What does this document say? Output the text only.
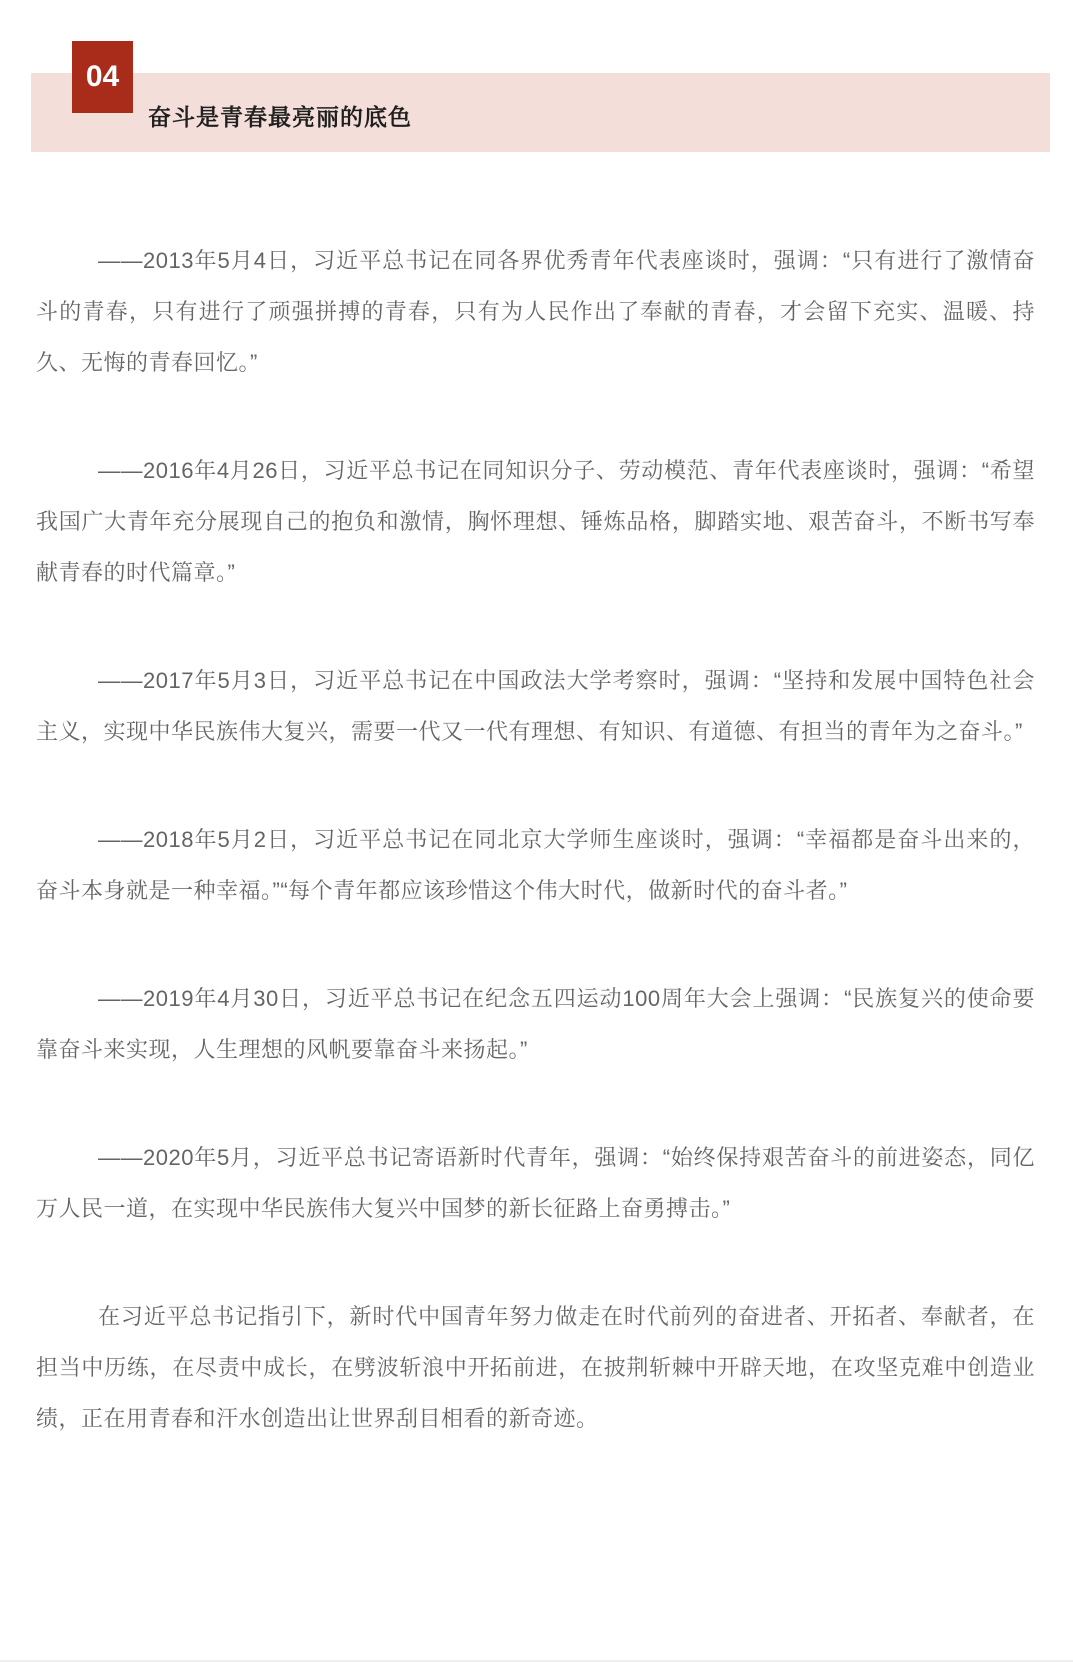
奋斗是青春最亮丽的底色
04

——2013年5月4日，习近平总书记在同各界优秀青年代表座谈时，强调：“只有进行了激情奋斗的青春，只有进行了顽强拼搏的青春，只有为人民作出了奉献的青春，才会留下充实、温暖、持久、无悔的青春回忆。”

——2016年4月26日，习近平总书记在同知识分子、劳动模范、青年代表座谈时，强调：“希望我国广大青年充分展现自己的抱负和激情，胸怀理想、锤炼品格，脚踏实地、艰苦奋斗，不断书写奉献青春的时代篇章。”

——2017年5月3日，习近平总书记在中国政法大学考察时，强调：“坚持和发展中国特色社会主义，实现中华民族伟大复兴，需要一代又一代有理想、有知识、有道德、有担当的青年为之奋斗。”

——2018年5月2日，习近平总书记在同北京大学师生座谈时，强调：“幸福都是奋斗出来的，奋斗本身就是一种幸福。”“每个青年都应该珍惜这个伟大时代，做新时代的奋斗者。”

——2019年4月30日，习近平总书记在纪念五四运动100周年大会上强调：“民族复兴的使命要靠奋斗来实现，人生理想的风帆要靠奋斗来扬起。”

——2020年5月，习近平总书记寄语新时代青年，强调：“始终保持艰苦奋斗的前进姿态，同亿万人民一道，在实现中华民族伟大复兴中国梦的新长征路上奋勇搏击。”

在习近平总书记指引下，新时代中国青年努力做走在时代前列的奋进者、开拓者、奉献者，在担当中历练，在尽责中成长，在劈波斩浪中开拓前进，在披荆斩棘中开辟天地，在攻坚克难中创造业绩，正在用青春和汗水创造出让世界刮目相看的新奇迹。
